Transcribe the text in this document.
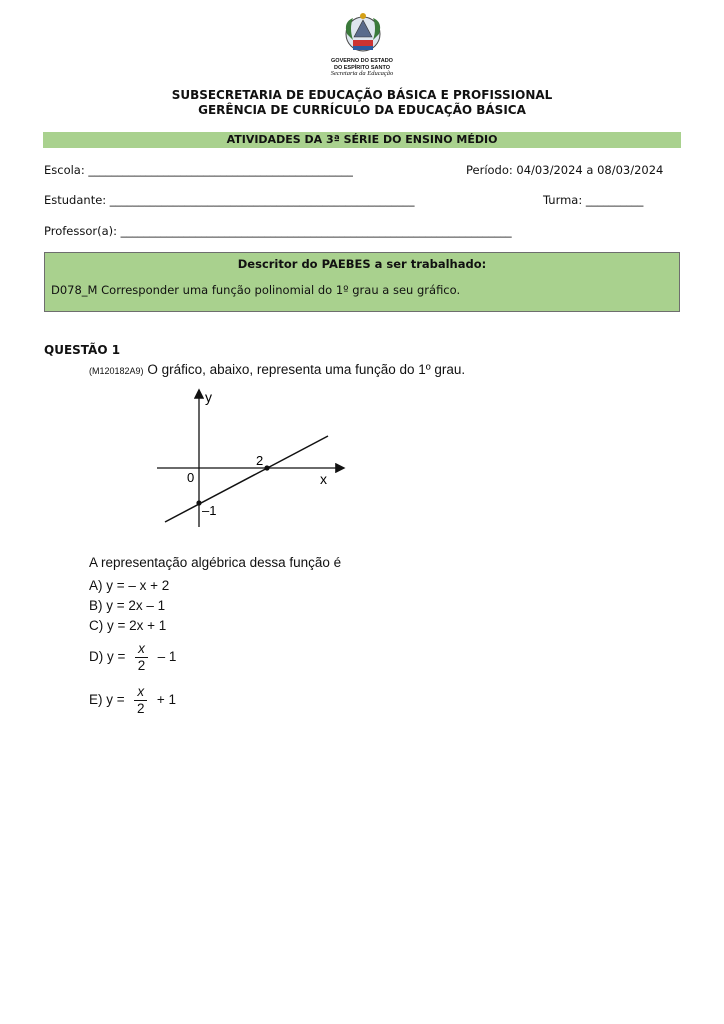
GOVERNO DO ESTADO
DO ESPÍRITO SANTO
Secretaria da Educação
SUBSECRETARIA DE EDUCAÇÃO BÁSICA E PROFISSIONAL
GERÊNCIA DE CURRÍCULO DA EDUCAÇÃO BÁSICA
ATIVIDADES DA 3ª SÉRIE DO ENSINO MÉDIO
Escola: ______________________________________________	Período: 04/03/2024 a 08/03/2024
Estudante: _____________________________________________________	Turma: __________
Professor(a): ____________________________________________________________________
Descritor do PAEBES a ser trabalhado:
D078_M Corresponder uma função polinomial do 1º grau a seu gráfico.
QUESTÃO 1
(M120182A9) O gráfico, abaixo, representa uma função do 1º grau.
y
x
0
2
–1
A representação algébrica dessa função é
A) y = – x + 2
B) y = 2x – 1
C) y = 2x + 1
D) $y = \frac{x}{2} - 1$
E) $y = \frac{x}{2} + 1$
